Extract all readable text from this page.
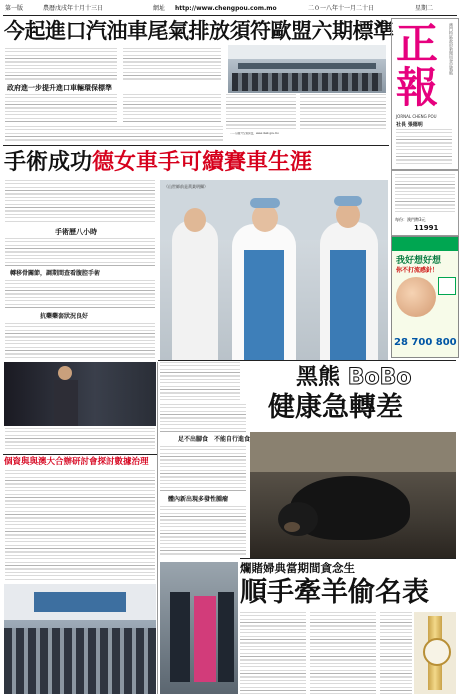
第一版	農曆戊戌年十月十三日	網址 http://www.chengpou.com.mo	二０一八年十一月二十日	星期二
今起進口汽油車尾氣排放須符歐盟六期標準
政府進一步提升進口車輛環保標準
……以提升空氣質量，www.dsat.gov.mo
正
報
澳門特區政府新聞局登記號碼
JORNAL CHENG POU
社長 張德明
每份：澳門幣3元
11991
我好想好想
你不打流感針！
28 700 800
手術成功德女車手可續賽車生涯
手術歷八小時
轉移骨關節，調期間查看腹腔手術
抗藥藥套狀況良好
（山世師前是黃業明攝）
黑熊 BoBo
健康急轉差
足不出腳食　不能自行進食
體內新出現多發性腫瘤
個資與與澳大合辦研討會探討數據治理
爛賭婦典當期間貪念生
順手牽羊偷名表
